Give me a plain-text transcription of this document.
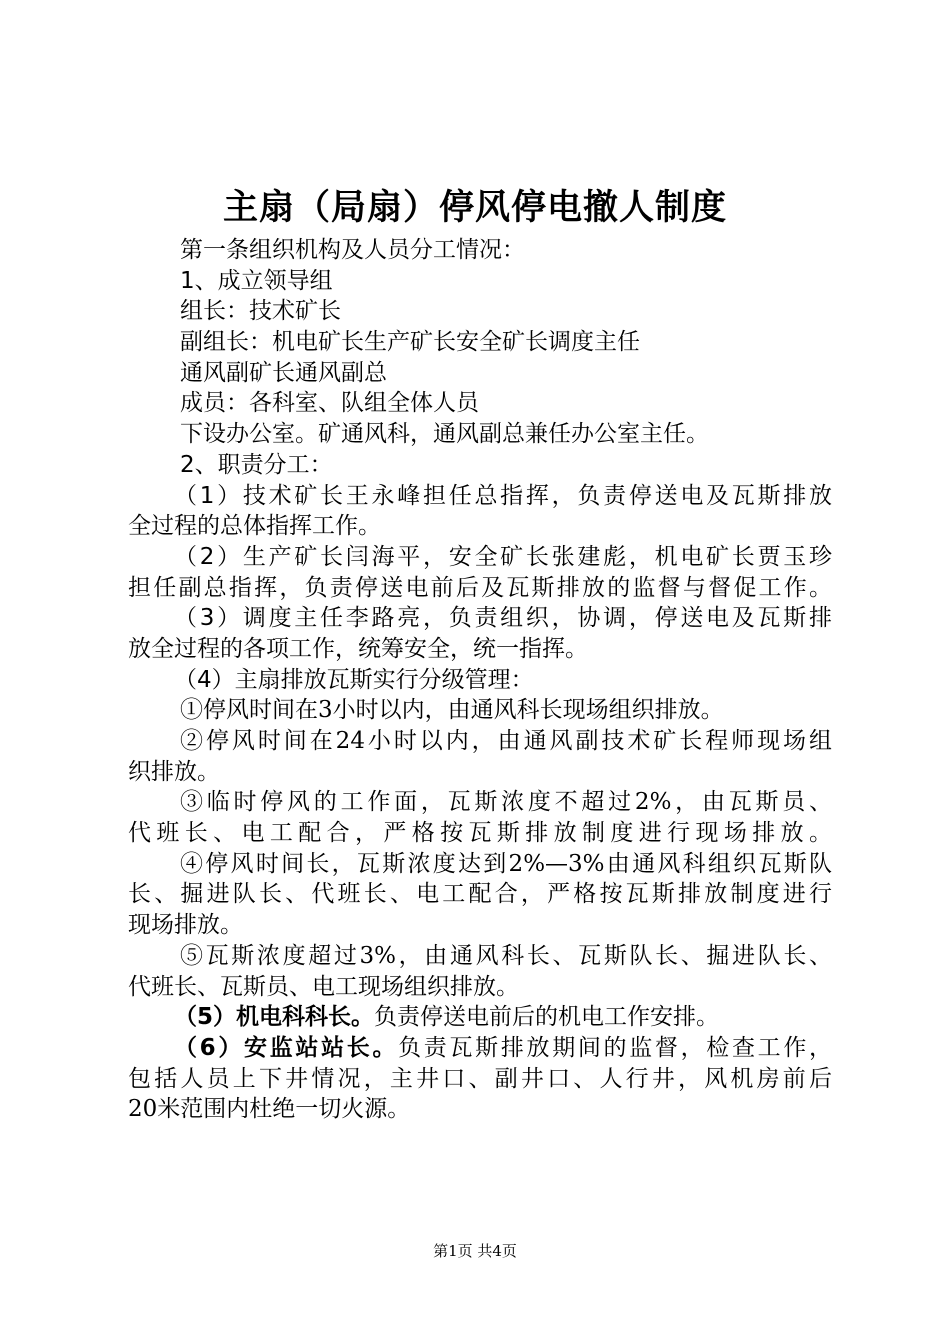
主扇（局扇）停风停电撤人制度
第一条组织机构及人员分工情况：
1、成立领导组
组长：技术矿长
副组长：机电矿长生产矿长安全矿长调度主任
通风副矿长通风副总
成员：各科室、队组全体人员
下设办公室。矿通风科，通风副总兼任办公室主任。
2、职责分工：
（1）技术矿长王永峰担任总指挥，负责停送电及瓦斯排放
全过程的总体指挥工作。
（2）生产矿长闫海平，安全矿长张建彪，机电矿长贾玉珍
担任副总指挥，负责停送电前后及瓦斯排放的监督与督促工作。
（3）调度主任李路亮，负责组织，协调，停送电及瓦斯排
放全过程的各项工作，统筹安全，统一指挥。
（4）主扇排放瓦斯实行分级管理：
①停风时间在3小时以内，由通风科长现场组织排放。
②停风时间在24小时以内，由通风副技术矿长程师现场组
织排放。
③临时停风的工作面，瓦斯浓度不超过2%，由瓦斯员、
代班长、电工配合，严格按瓦斯排放制度进行现场排放。
④停风时间长，瓦斯浓度达到2%—3%由通风科组织瓦斯队
长、掘进队长、代班长、电工配合，严格按瓦斯排放制度进行
现场排放。
⑤瓦斯浓度超过3%，由通风科长、瓦斯队长、掘进队长、
代班长、瓦斯员、电工现场组织排放。
（5）机电科科长。负责停送电前后的机电工作安排。
（6）安监站站长。负责瓦斯排放期间的监督，检查工作，
包括人员上下井情况，主井口、副井口、人行井，风机房前后
20米范围内杜绝一切火源。
第1页 共4页
